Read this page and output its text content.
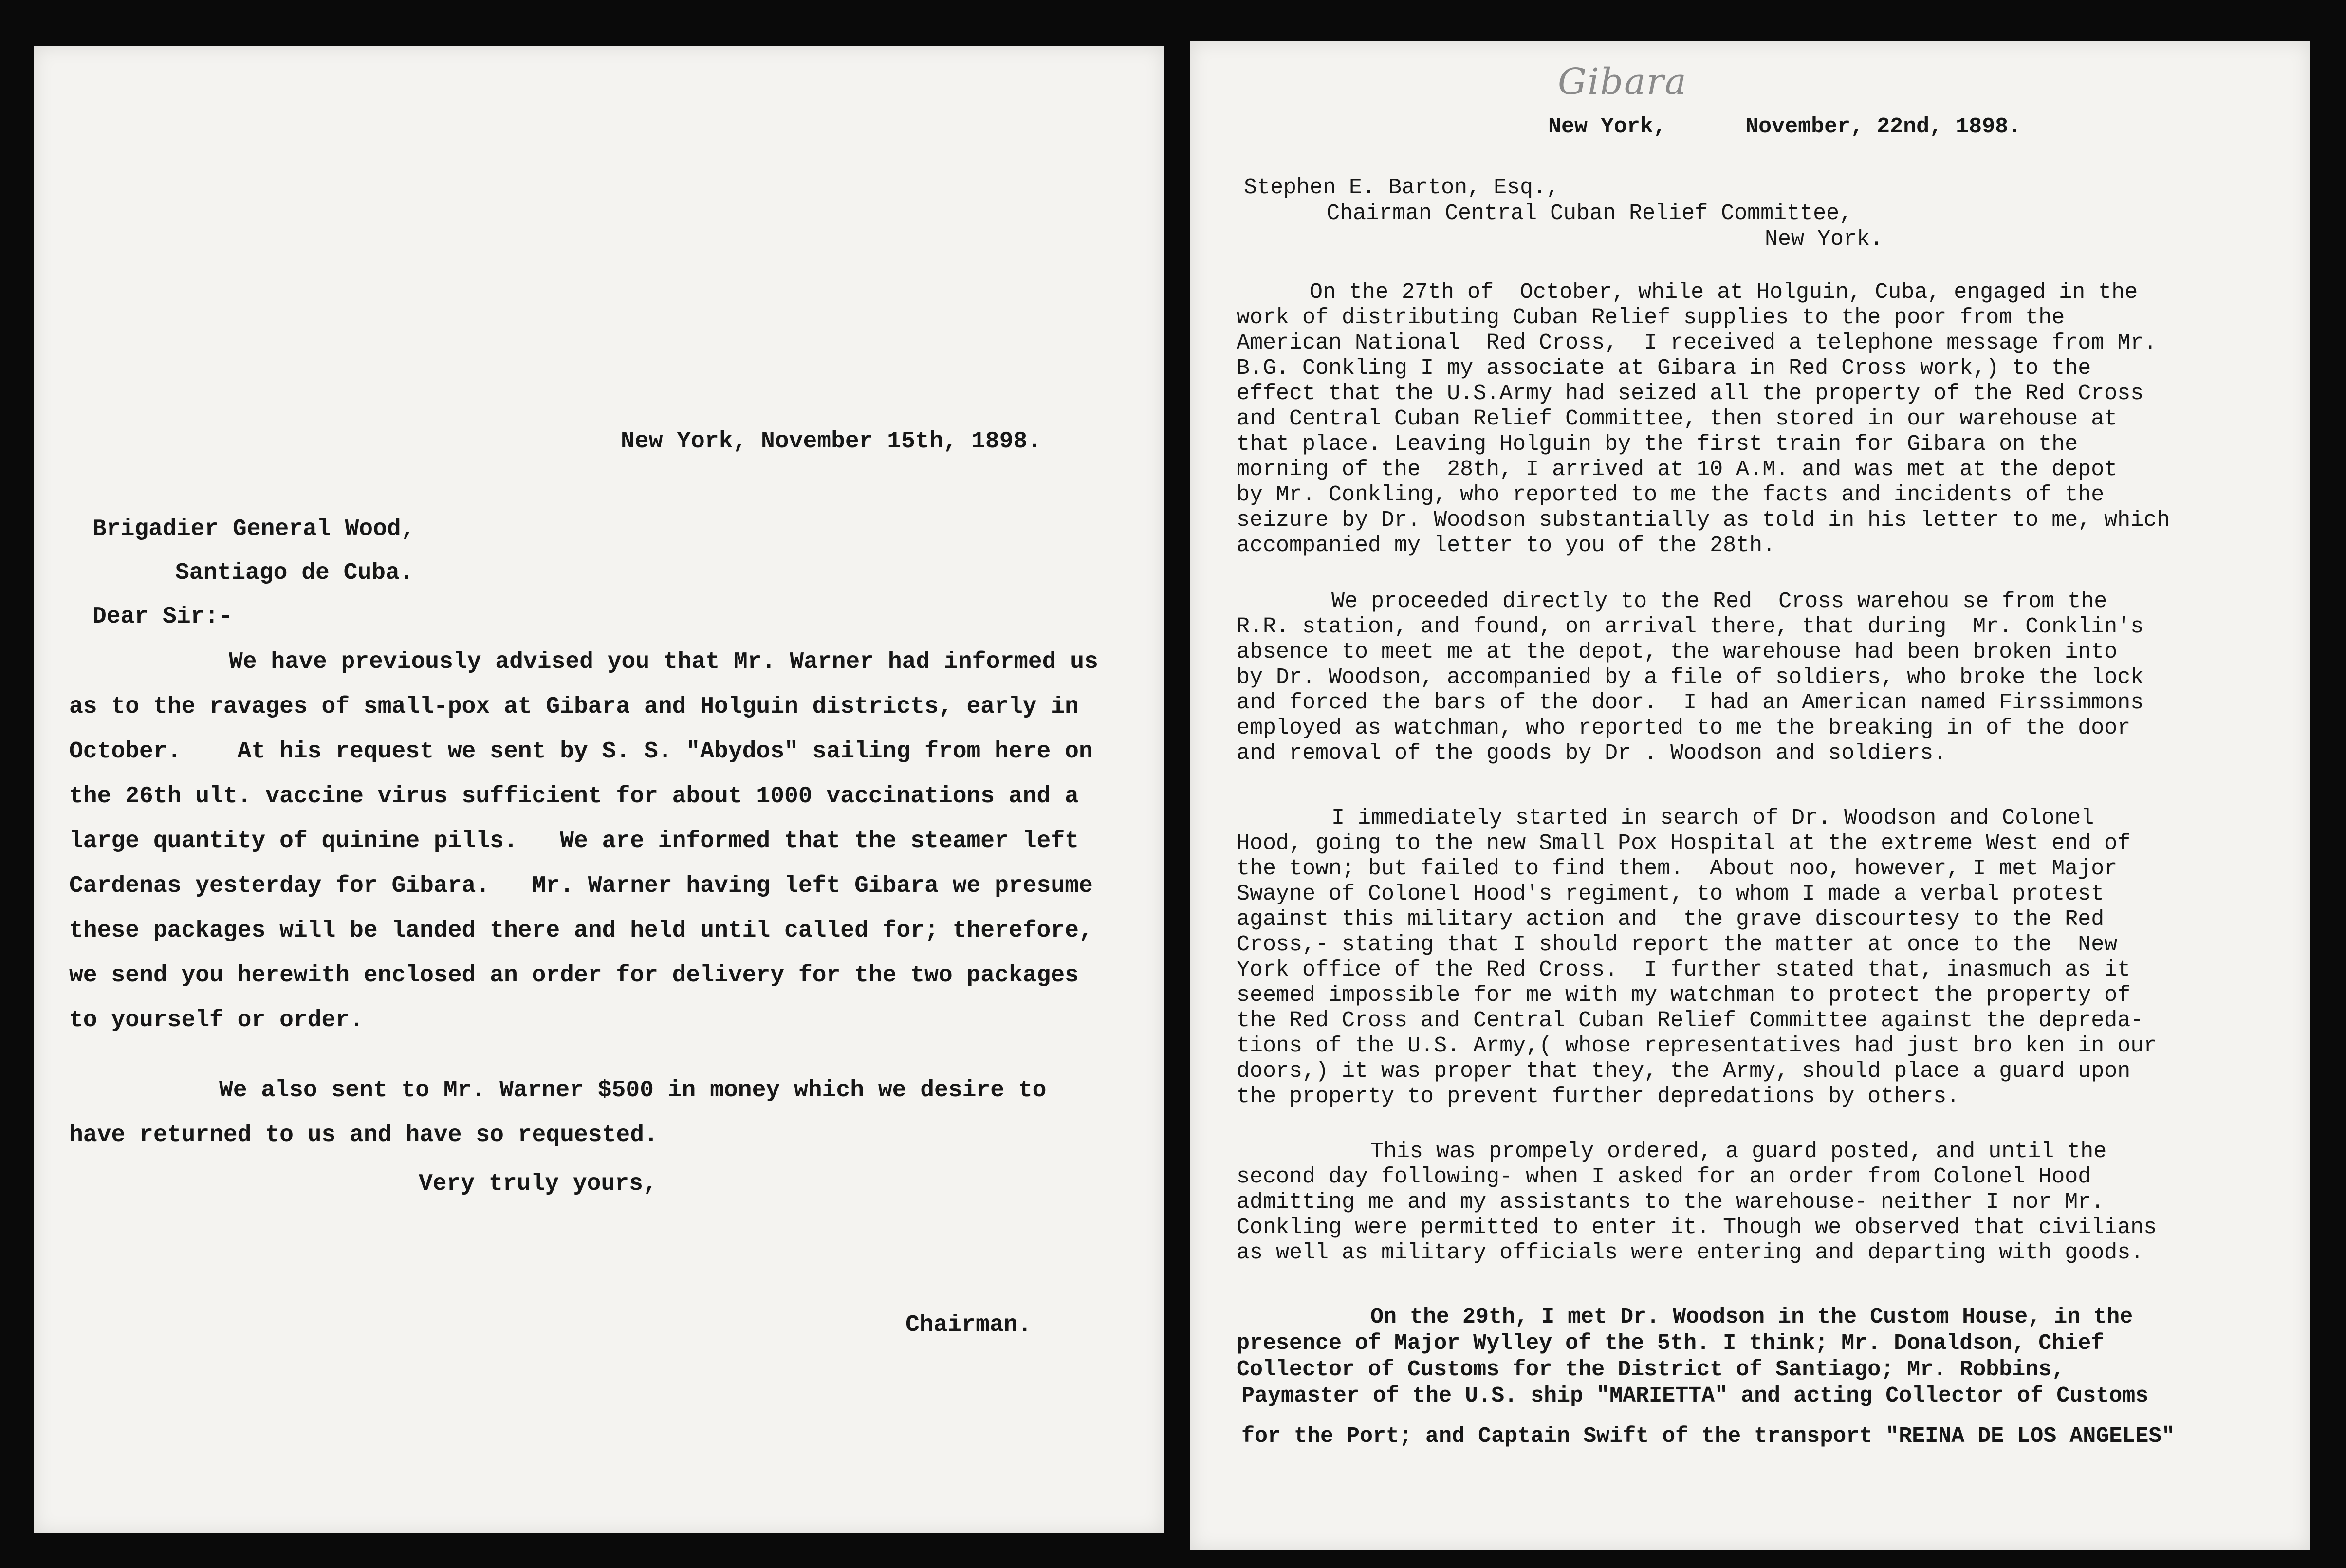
New York, November 15th, 1898.
Brigadier General Wood,
Santiago de Cuba.
Dear Sir:-
We have previously advised you that Mr. Warner had informed us
as to the ravages of small-pox at Gibara and Holguin districts, early in
October.    At his request we sent by S. S. "Abydos" sailing from here on
the 26th ult. vaccine virus sufficient for about 1000 vaccinations and a
large quantity of quinine pills.   We are informed that the steamer left
Cardenas yesterday for Gibara.   Mr. Warner having left Gibara we presume
these packages will be landed there and held until called for; therefore,
we send you herewith enclosed an order for delivery for the two packages
to yourself or order.
We also sent to Mr. Warner $500 in money which we desire to
have returned to us and have so requested.
Very truly yours,
Chairman.
Gibara
New York,      November, 22nd, 1898.
Stephen E. Barton, Esq.,
Chairman Central Cuban Relief Committee,
New York.
On the 27th of  October, while at Holguin, Cuba, engaged in the
work of distributing Cuban Relief supplies to the poor from the
American National  Red Cross,  I received a telephone message from Mr.
B.G. Conkling I my associate at Gibara in Red Cross work,) to the
effect that the U.S.Army had seized all the property of the Red Cross
and Central Cuban Relief Committee, then stored in our warehouse at
that place. Leaving Holguin by the first train for Gibara on the
morning of the  28th, I arrived at 10 A.M. and was met at the depot
by Mr. Conkling, who reported to me the facts and incidents of the
seizure by Dr. Woodson substantially as told in his letter to me, which
accompanied my letter to you of the 28th.
We proceeded directly to the Red  Cross warehou se from the
R.R. station, and found, on arrival there, that during  Mr. Conklin's
absence to meet me at the depot, the warehouse had been broken into
by Dr. Woodson, accompanied by a file of soldiers, who broke the lock
and forced the bars of the door.  I had an American named Firssimmons
employed as watchman, who reported to me the breaking in of the door
and removal of the goods by Dr . Woodson and soldiers.
I immediately started in search of Dr. Woodson and Colonel
Hood, going to the new Small Pox Hospital at the extreme West end of
the town; but failed to find them.  About noo, however, I met Major
Swayne of Colonel Hood's regiment, to whom I made a verbal protest
against this military action and  the grave discourtesy to the Red
Cross,- stating that I should report the matter at once to the  New
York office of the Red Cross.  I further stated that, inasmuch as it
seemed impossible for me with my watchman to protect the property of
the Red Cross and Central Cuban Relief Committee against the depreda-
tions of the U.S. Army,( whose representatives had just bro ken in our
doors,) it was proper that they, the Army, should place a guard upon
the property to prevent further depredations by others.
This was prompely ordered, a guard posted, and until the
second day following- when I asked for an order from Colonel Hood
admitting me and my assistants to the warehouse- neither I nor Mr.
Conkling were permitted to enter it. Though we observed that civilians
as well as military officials were entering and departing with goods.
On the 29th, I met Dr. Woodson in the Custom House, in the
presence of Major Wylley of the 5th. I think; Mr. Donaldson, Chief
Collector of Customs for the District of Santiago; Mr. Robbins,
Paymaster of the U.S. ship "MARIETTA" and acting Collector of Customs
for the Port; and Captain Swift of the transport "REINA DE LOS ANGELES"
